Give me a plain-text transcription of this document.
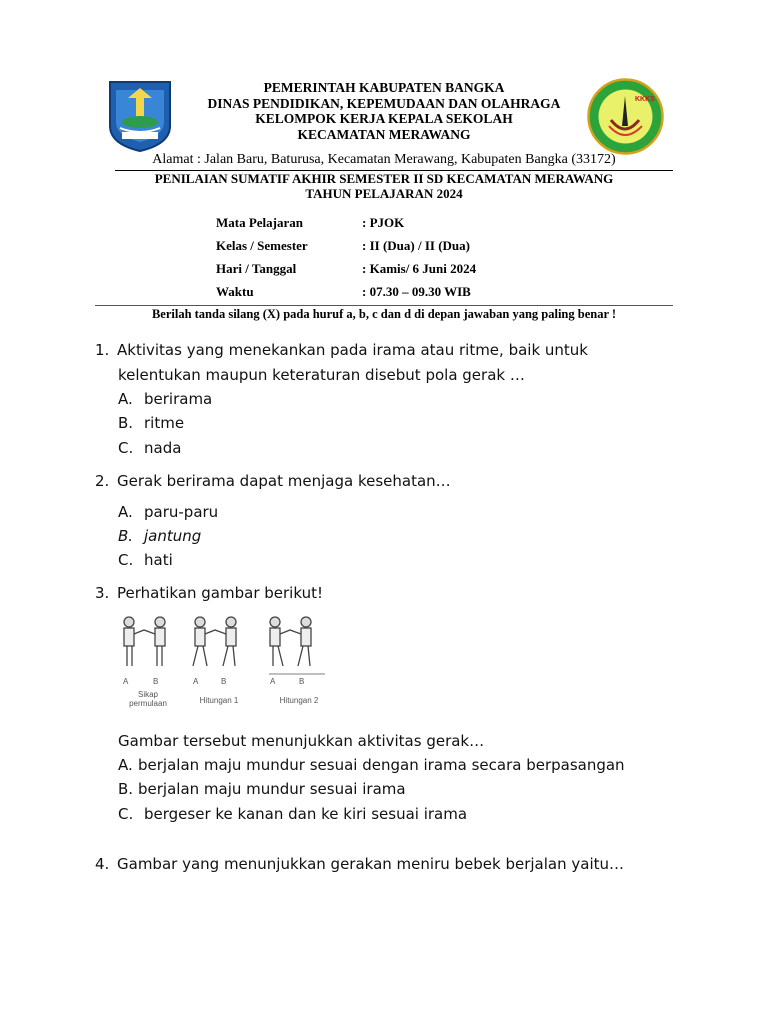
KKKS
PEMERINTAH KABUPATEN BANGKA
DINAS PENDIDIKAN, KEPEMUDAAN DAN OLAHRAGA
KELOMPOK KERJA KEPALA SEKOLAH
KECAMATAN MERAWANG
Alamat : Jalan Baru, Baturusa, Kecamatan Merawang, Kabupaten Bangka (33172)
PENILAIAN SUMATIF AKHIR SEMESTER II SD KECAMATAN MERAWANG
TAHUN PELAJARAN 2024
Mata Pelajaran	: PJOK
Kelas / Semester	: II (Dua) / II (Dua)
Hari / Tanggal	: Kamis/ 6 Juni 2024
Waktu	: 07.30 – 09.30 WIB
Berilah tanda silang (X) pada huruf a, b, c dan d di depan jawaban yang paling benar !
1. Aktivitas yang menekankan pada irama atau ritme, baik untuk
kelentukan maupun keteraturan disebut pola gerak …
A. berirama
B. ritme
C. nada
2. Gerak berirama dapat menjaga kesehatan…
A. paru-paru
B. jantung
C. hati
3. Perhatikan gambar berikut!
A	B	A	B	A	B
Sikap permulaan	Hitungan 1	Hitungan 2
Gambar tersebut menunjukkan aktivitas gerak…
A. berjalan maju mundur sesuai dengan irama secara berpasangan
B. berjalan maju mundur sesuai irama
C. bergeser ke kanan dan ke kiri sesuai irama
4. Gambar yang menunjukkan gerakan meniru bebek berjalan yaitu…
